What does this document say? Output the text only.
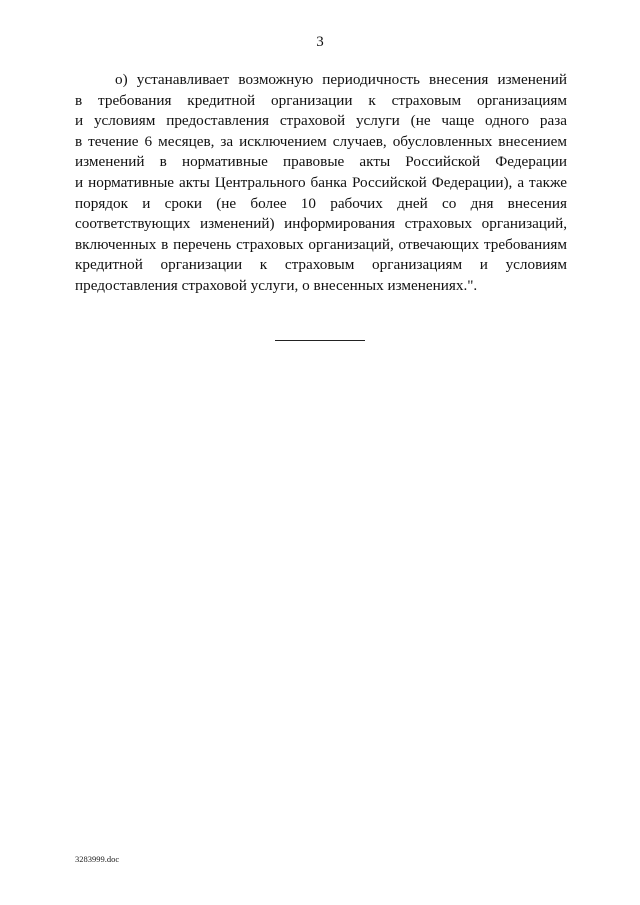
3
о) устанавливает возможную периодичность внесения изменений
в требования кредитной организации к страховым организациям
и условиям предоставления страховой услуги (не чаще одного раза
в течение 6 месяцев, за исключением случаев, обусловленных внесением
изменений в нормативные правовые акты Российской Федерации
и нормативные акты Центрального банка Российской Федерации), а также
порядок и сроки (не более 10 рабочих дней со дня внесения
соответствующих изменений) информирования страховых организаций,
включенных в перечень страховых организаций, отвечающих требованиям
кредитной организации к страховым организациям и условиям
предоставления страховой услуги, о внесенных изменениях.".
3283999.doc
